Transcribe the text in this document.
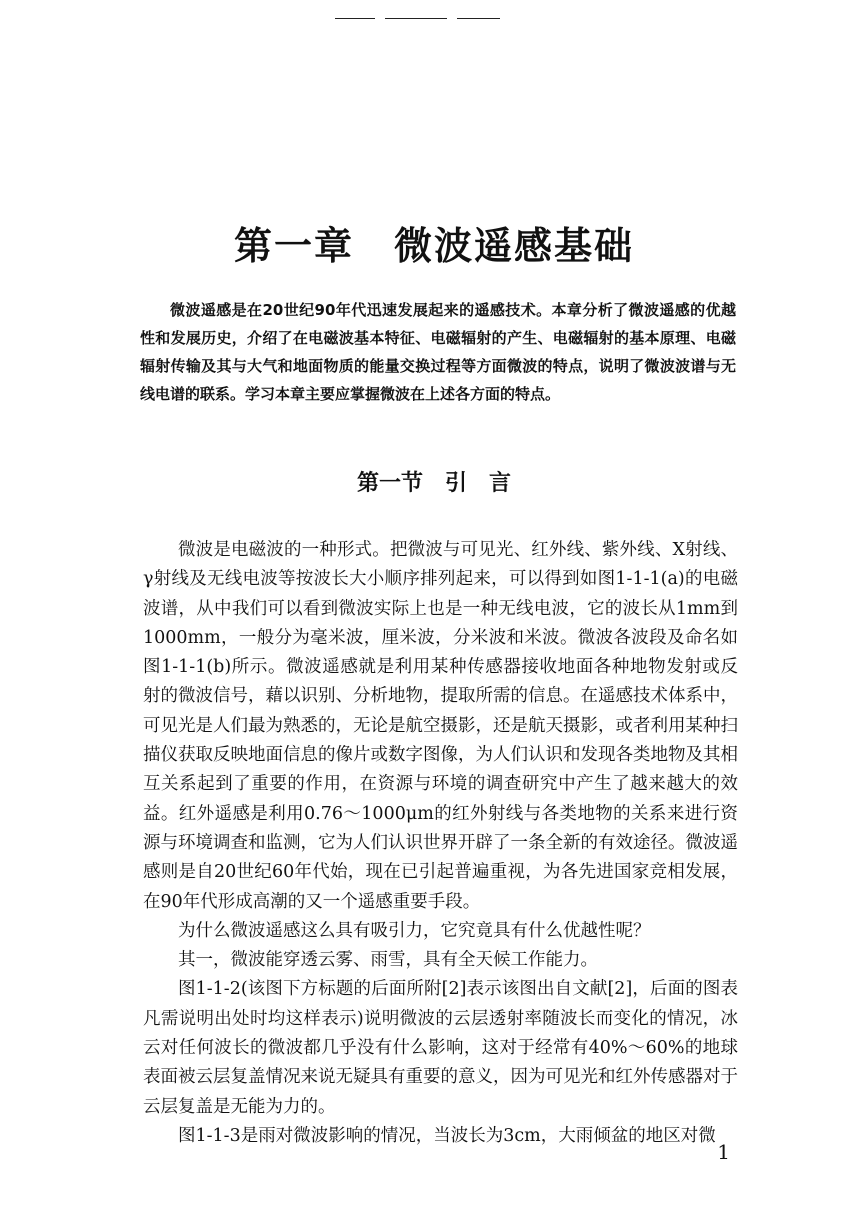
第一章　微波遥感基础

微波遥感是在20世纪90年代迅速发展起来的遥感技术。本章分析了微波遥感的优越性和发展历史，介绍了在电磁波基本特征、电磁辐射的产生、电磁辐射的基本原理、电磁辐射传输及其与大气和地面物质的能量交换过程等方面微波的特点，说明了微波波谱与无线电谱的联系。学习本章主要应掌握微波在上述各方面的特点。

第一节　引　言

微波是电磁波的一种形式。把微波与可见光、红外线、紫外线、X射线、γ射线及无线电波等按波长大小顺序排列起来，可以得到如图1-1-1(a)的电磁波谱，从中我们可以看到微波实际上也是一种无线电波，它的波长从1mm到1000mm，一般分为毫米波，厘米波，分米波和米波。微波各波段及命名如图1-1-1(b)所示。微波遥感就是利用某种传感器接收地面各种地物发射或反射的微波信号，藉以识别、分析地物，提取所需的信息。在遥感技术体系中，可见光是人们最为熟悉的，无论是航空摄影，还是航天摄影，或者利用某种扫描仪获取反映地面信息的像片或数字图像，为人们认识和发现各类地物及其相互关系起到了重要的作用，在资源与环境的调查研究中产生了越来越大的效益。红外遥感是利用0.76～1000μm的红外射线与各类地物的关系来进行资源与环境调查和监测，它为人们认识世界开辟了一条全新的有效途径。微波遥感则是自20世纪60年代始，现在已引起普遍重视，为各先进国家竞相发展，在90年代形成高潮的又一个遥感重要手段。

为什么微波遥感这么具有吸引力，它究竟具有什么优越性呢？

其一，微波能穿透云雾、雨雪，具有全天候工作能力。

图1-1-2(该图下方标题的后面所附[2]表示该图出自文献[2]，后面的图表凡需说明出处时均这样表示)说明微波的云层透射率随波长而变化的情况，冰云对任何波长的微波都几乎没有什么影响，这对于经常有40%～60%的地球表面被云层复盖情况来说无疑具有重要的意义，因为可见光和红外传感器对于云层复盖是无能为力的。

图1-1-3是雨对微波影响的情况，当波长为3cm，大雨倾盆的地区对微

1
